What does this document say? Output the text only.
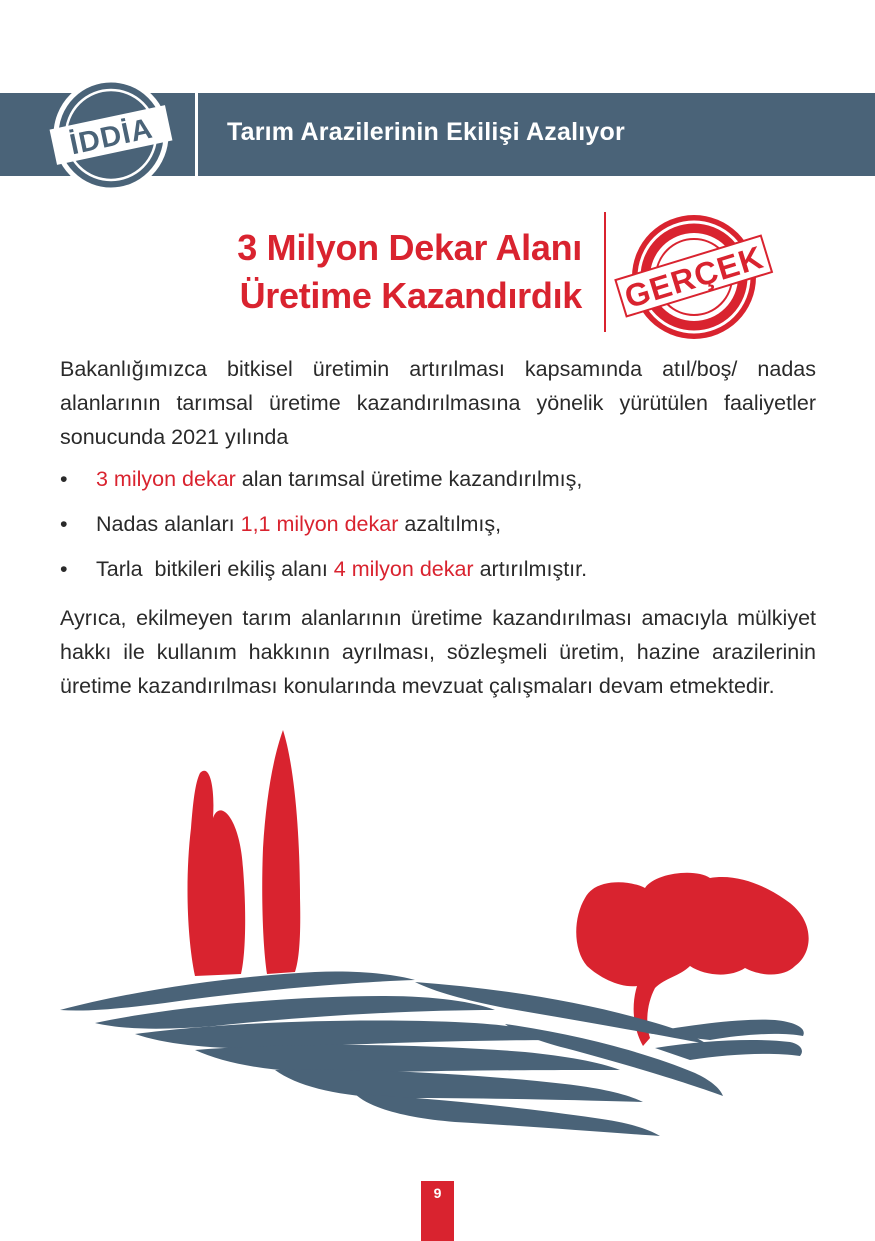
Tarım Arazilerinin Ekilişi Azalıyor
İDDİA
3 Milyon Dekar Alanı
Üretime Kazandırdık GERÇEK
Bakanlığımızca bitkisel üretimin artırılması kapsamında atıl/boş/ nadas alanlarının tarımsal üretime kazandırılmasına yönelik yürütülen faaliyetler sonucunda 2021 yılında
• 3 milyon dekar alan tarımsal üretime kazandırılmış,
• Nadas alanları 1,1 milyon dekar azaltılmış,
• Tarla  bitkileri ekiliş alanı 4 milyon dekar artırılmıştır.
Ayrıca, ekilmeyen tarım alanlarının üretime kazandırılması amacıyla mülkiyet hakkı ile kullanım hakkının ayrılması, sözleşmeli üretim, hazine arazilerinin üretime kazandırılması konularında mevzuat çalışmaları devam etmektedir.
9
